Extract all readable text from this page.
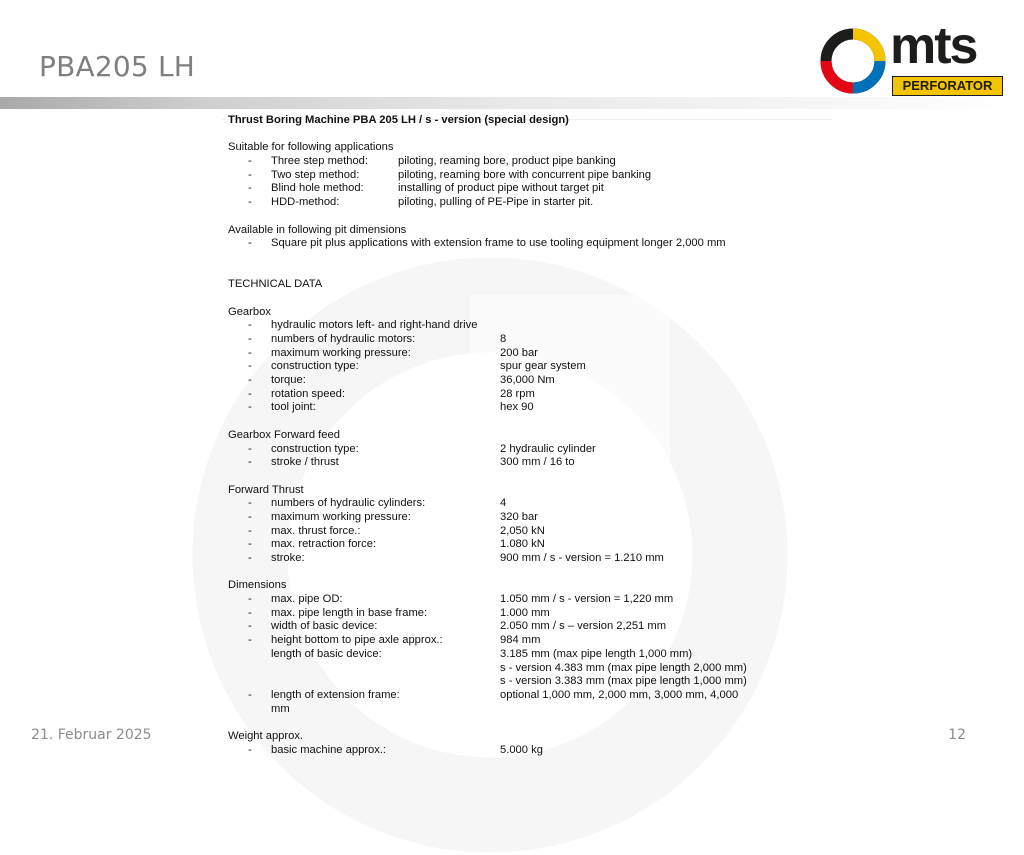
PBA205 LH	mts
PERFORATOR
Thrust Boring Machine PBA 205 LH / s - version (special design)
Suitable for following applications
- Three step method:	piloting, reaming bore, product pipe banking
- Two step method:	piloting, reaming bore with concurrent pipe banking
- Blind hole method:	installing of product pipe without target pit
- HDD-method:	piloting, pulling of PE-Pipe in starter pit.
Available in following pit dimensions
- Square pit plus applications with extension frame to use tooling equipment longer 2,000 mm
TECHNICAL DATA
Gearbox
- hydraulic motors left- and right-hand drive
- numbers of hydraulic motors:	8
- maximum working pressure:	200 bar
- construction type:	spur gear system
- torque:	36,000 Nm
- rotation speed:	28 rpm
- tool joint:	hex 90
Gearbox Forward feed
- construction type:	2 hydraulic cylinder
- stroke / thrust	300 mm / 16 to
Forward Thrust
- numbers of hydraulic cylinders:	4
- maximum working pressure:	320 bar
- max. thrust force.:	2,050 kN
- max. retraction force:	1.080 kN
- stroke:	900 mm / s - version = 1.210 mm
Dimensions
- max. pipe OD:	1.050 mm / s - version = 1,220 mm
- max. pipe length in base frame:	1.000 mm
- width of basic device:	2.050 mm / s – version 2,251 mm
- height bottom to pipe axle approx.:	984 mm
length of basic device:	3.185 mm (max pipe length 1,000 mm)
s - version 4.383 mm (max pipe length 2,000 mm)
s - version 3.383 mm (max pipe length 1,000 mm)
- length of extension frame:	optional 1,000 mm, 2,000 mm, 3,000 mm, 4,000
mm
Weight approx.
- basic machine approx.:	5.000 kg
21. Februar 2025	12
